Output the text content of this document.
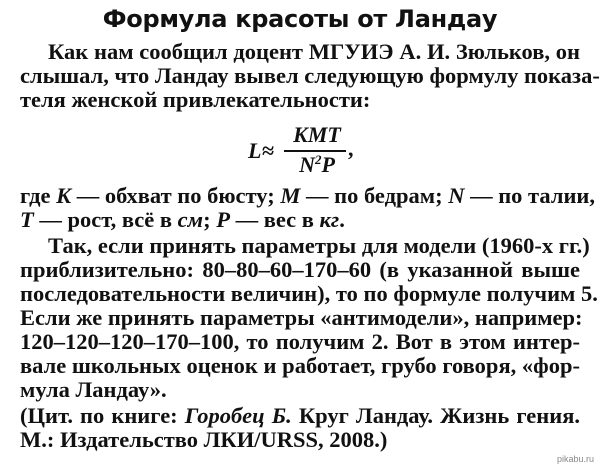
Формула красоты от Ландау
Как нам сообщил доцент МГУИЭ А. И. Зюльков, он
слышал, что Ландау вывел следующую формулу показа-
теля женской привлекательности:
L ≈
KMT
$N^2P$
,
где K — обхват по бюсту; M — по бедрам; N — по талии,
T — рост, всё в см; P — вес в кг.
Так, если принять параметры для модели (1960-х гг.)
приблизительно: 80–80–60–170–60 (в указанной выше
последовательности величин), то по формуле получим 5.
Если же принять параметры «антимодели», например:
120–120–120–170–100, то получим 2. Вот в этом интер-
вале школьных оценок и работает, грубо говоря, «фор-
мула Ландау».
(Цит. по книге: Горобец Б. Круг Ландау. Жизнь гения.
М.: Издательство ЛКИ/URSS, 2008.)
pikabu.ru
